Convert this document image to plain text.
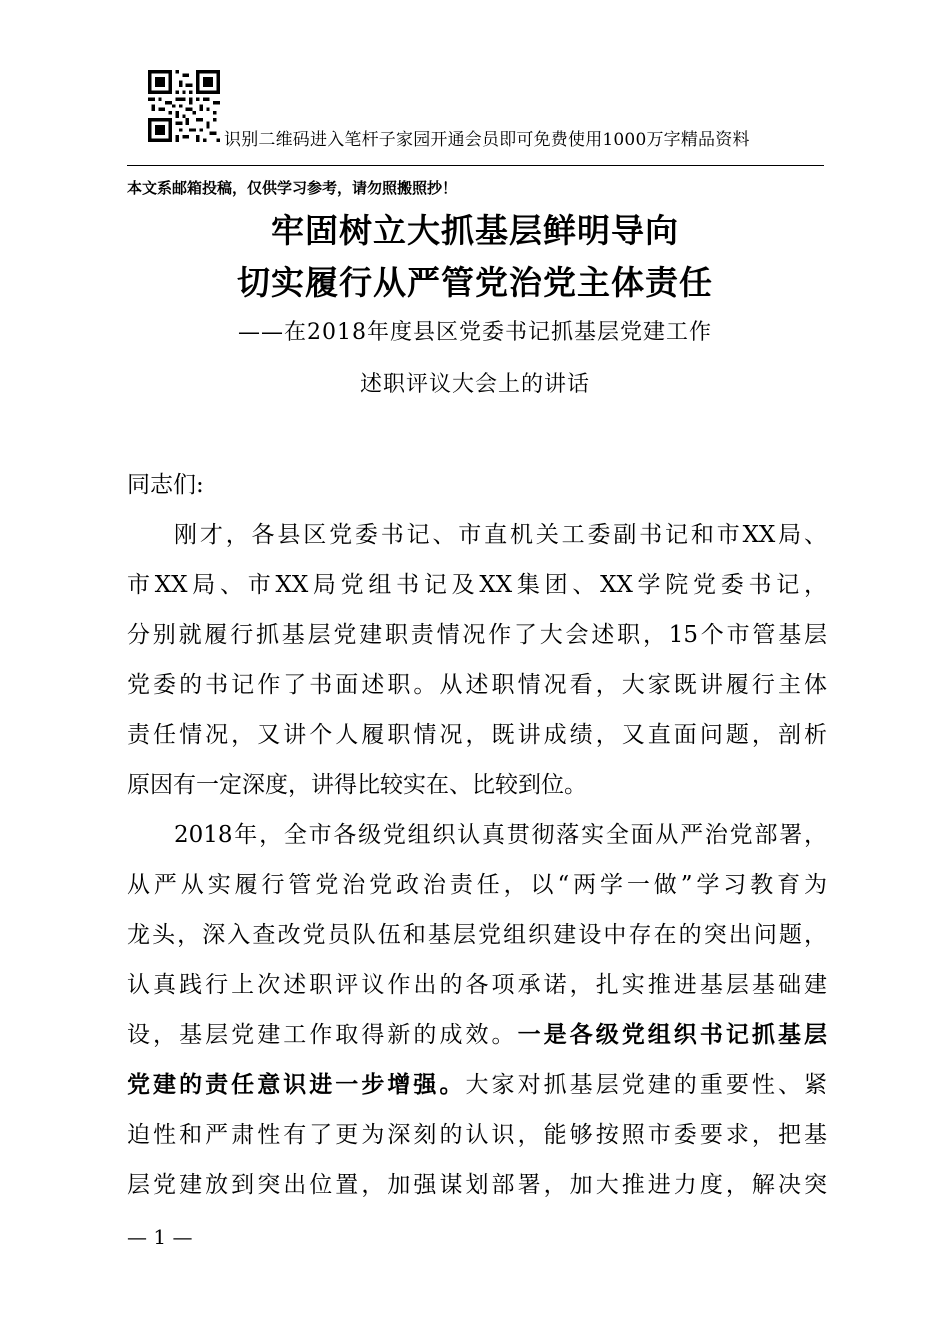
识别二维码进入笔杆子家园开通会员即可免费使用1000万字精品资料
本文系邮箱投稿，仅供学习参考，请勿照搬照抄！
牢固树立大抓基层鲜明导向
切实履行从严管党治党主体责任
——在2018年度县区党委书记抓基层党建工作
述职评议大会上的讲话
同志们:
刚才，各县区党委书记、市直机关工委副书记和市XX局、
市XX局、市XX局党组书记及XX集团、XX学院党委书记，
分别就履行抓基层党建职责情况作了大会述职，15个市管基层
党委的书记作了书面述职。从述职情况看，大家既讲履行主体
责任情况，又讲个人履职情况，既讲成绩，又直面问题，剖析
原因有一定深度，讲得比较实在、比较到位。
2018年，全市各级党组织认真贯彻落实全面从严治党部署，
从严从实履行管党治党政治责任，以“两学一做”学习教育为
龙头，深入查改党员队伍和基层党组织建设中存在的突出问题，
认真践行上次述职评议作出的各项承诺，扎实推进基层基础建
设，基层党建工作取得新的成效。一是各级党组织书记抓基层
党建的责任意识进一步增强。大家对抓基层党建的重要性、紧
迫性和严肃性有了更为深刻的认识，能够按照市委要求，把基
层党建放到突出位置，加强谋划部署，加大推进力度，解决突
— 1 —
